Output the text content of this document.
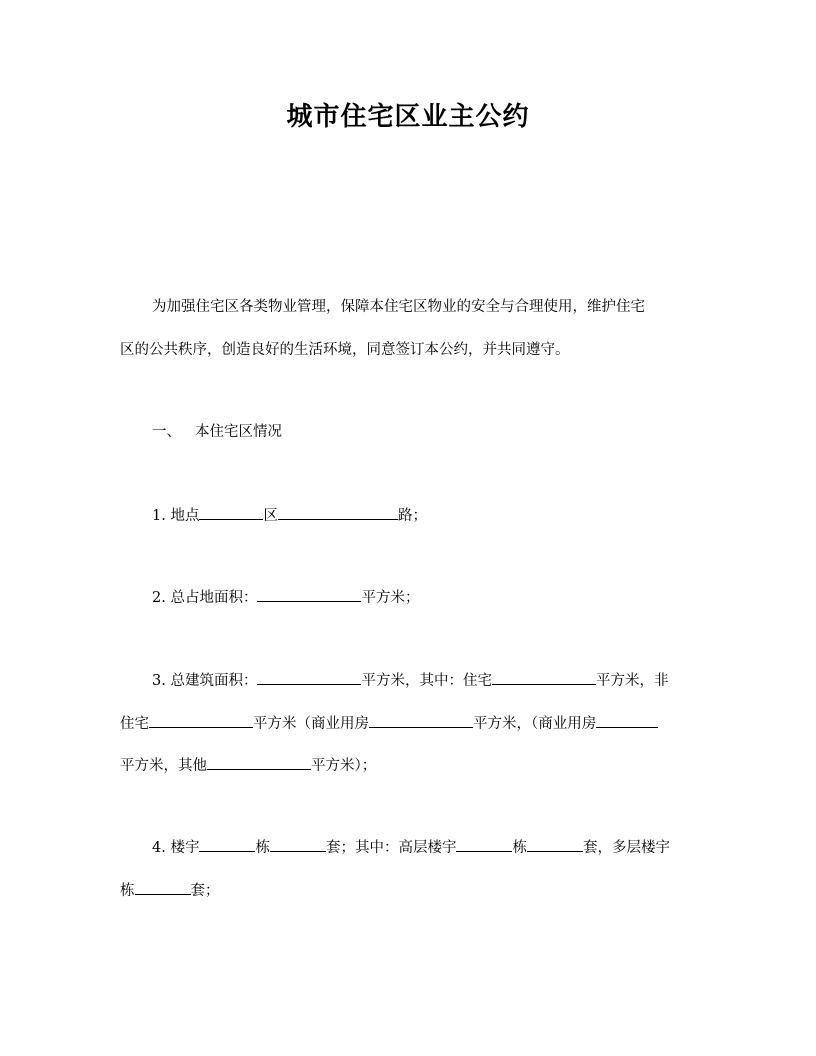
城市住宅区业主公约
为加强住宅区各类物业管理，保障本住宅区物业的安全与合理使用，维护住宅
区的公共秩序，创造良好的生活环境，同意签订本公约，并共同遵守。
一、 本住宅区情况
1. 地点	区	路；
2. 总占地面积：	平方米；
3. 总建筑面积：	平方米，其中：住宅	平方米，非
住宅	平方米（商业用房	平方米，（商业用房
平方米，其他	平方米）；
4. 楼宇	栋	套；其中：高层楼宇	栋	套，多层楼宇
栋	套；
